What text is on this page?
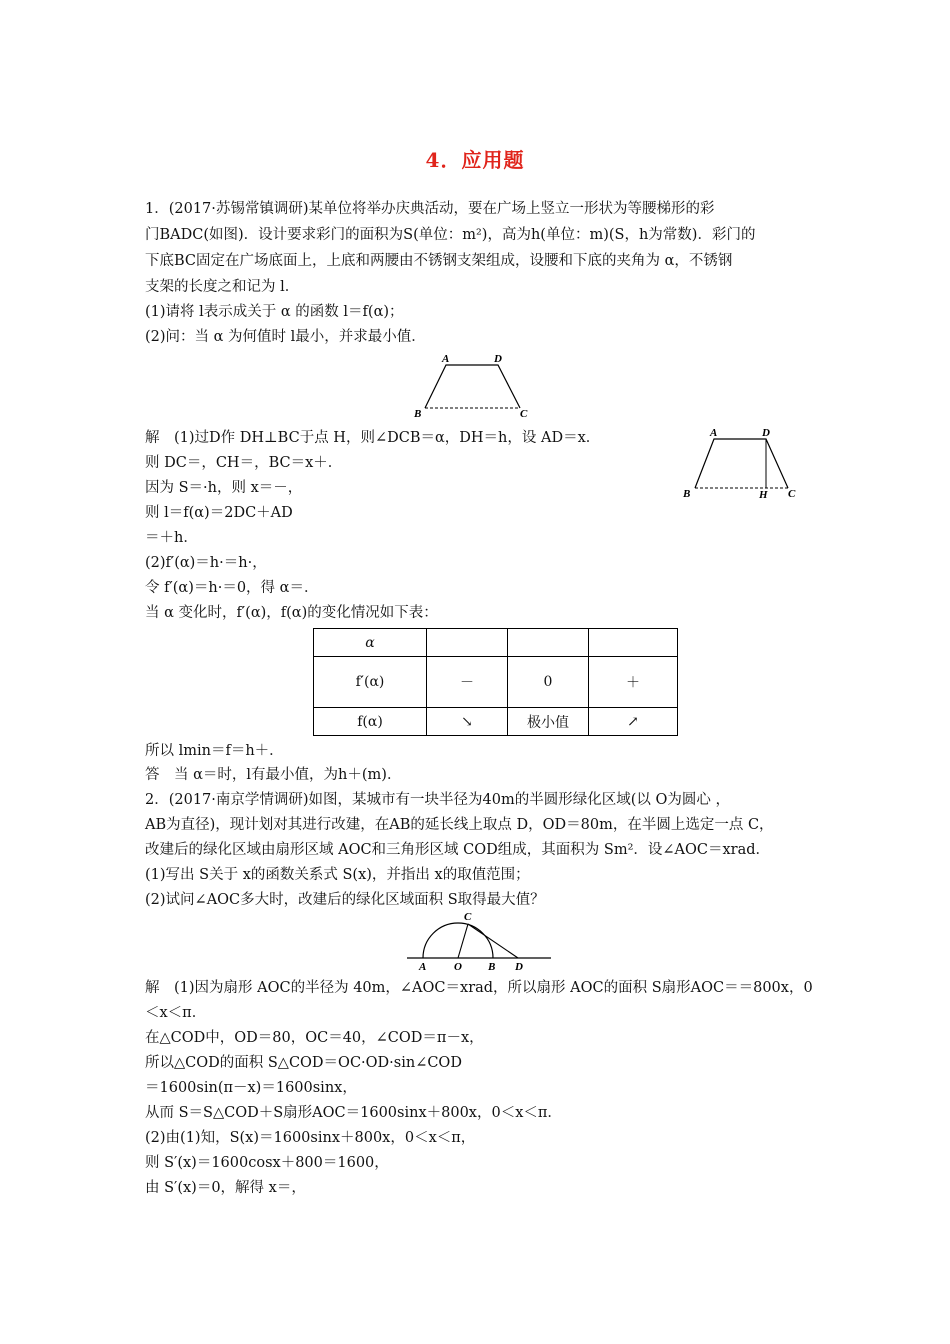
4．应用题
1．(2017·苏锡常镇调研)某单位将举办庆典活动，要在广场上竖立一形状为等腰梯形的彩
门BADC(如图)．设计要求彩门的面积为S(单位：m²)，高为h(单位：m)(S，h为常数)．彩门的
下底BC固定在广场底面上，上底和两腰由不锈钢支架组成，设腰和下底的夹角为 α，不锈钢
支架的长度之和记为 l．
(1)请将 l表示成关于 α 的函数 l＝f(α)；
(2)问：当 α 为何值时 l最小，并求最小值．
A	D
B	C
解　(1)过D作 DH⊥BC于点 H，则∠DCB＝α，DH＝h，设 AD＝x．
则 DC＝，CH＝，BC＝x＋．
因为 S＝·h，则 x＝－，
则 l＝f(α)＝2DC＋AD
＝＋h．
(2)f′(α)＝h·＝h·，
令 f′(α)＝h·＝0，得 α＝．
当 α 变化时，f′(α)，f(α)的变化情况如下表：
A	D
B	H C
α			
f′(α)	－	0	＋
f(α)	↘	极小值	↗
所以 lmin＝f＝h＋．
答　当 α＝时，l有最小值，为h＋(m)．
2．(2017·南京学情调研)如图，某城市有一块半径为40m的半圆形绿化区域(以 O为圆心 ，
AB为直径)，现计划对其进行改建，在AB的延长线上取点 D，OD＝80m，在半圆上选定一点 C，
改建后的绿化区域由扇形区域 AOC和三角形区域 COD组成，其面积为 Sm²．设∠AOC＝xrad．
(1)写出 S关于 x的函数关系式 S(x)，并指出 x的取值范围；
(2)试问∠AOC多大时，改建后的绿化区域面积 S取得最大值？
C
A	O B D
解　(1)因为扇形 AOC的半径为 40m，∠AOC＝xrad，所以扇形 AOC的面积 S扇形AOC＝＝800x，0
＜x＜π．
在△COD中，OD＝80，OC＝40，∠COD＝π－x，
所以△COD的面积 S△COD＝OC·OD·sin∠COD
＝1600sin(π－x)＝1600sinx，
从而 S＝S△COD＋S扇形AOC＝1600sinx＋800x，0＜x＜π．
(2)由(1)知，S(x)＝1600sinx＋800x，0＜x＜π，
则 S′(x)＝1600cosx＋800＝1600，
由 S′(x)＝0，解得 x＝，
